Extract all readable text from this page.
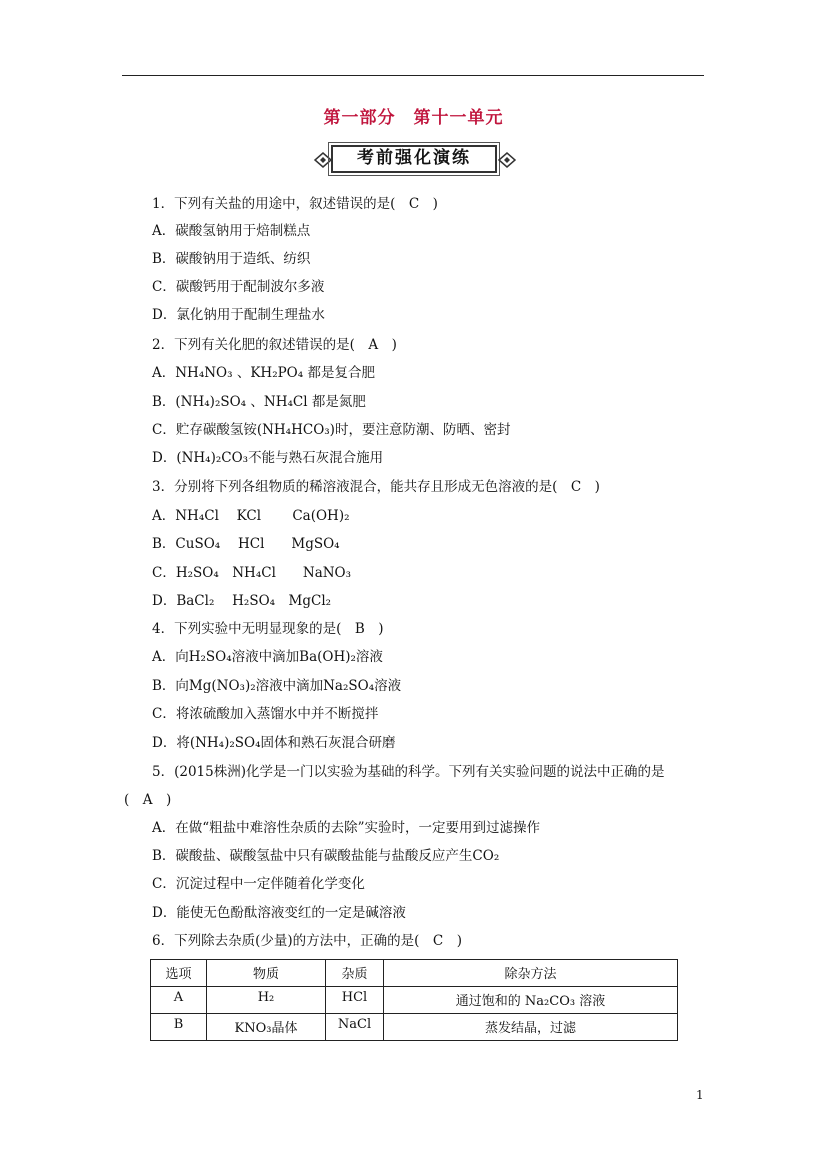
第一部分　第十一单元
考前强化演练
1．下列有关盐的用途中，叙述错误的是(　C　)
A．碳酸氢钠用于焙制糕点
B．碳酸钠用于造纸、纺织
C．碳酸钙用于配制波尔多液
D．氯化钠用于配制生理盐水
2．下列有关化肥的叙述错误的是(　A　)
A．NH₄NO₃ 、KH₂PO₄ 都是复合肥
B．(NH₄)₂SO₄ 、NH₄Cl 都是氮肥
C．贮存碳酸氢铵(NH₄HCO₃)时，要注意防潮、防晒、密封
D．(NH₄)₂CO₃不能与熟石灰混合施用
3．分别将下列各组物质的稀溶液混合，能共存且形成无色溶液的是(　C　)
A．NH₄Cl　 KCl　　 Ca(OH)₂
B．CuSO₄　 HCl　　MgSO₄
C．H₂SO₄　NH₄Cl　　NaNO₃
D．BaCl₂　 H₂SO₄　MgCl₂
4．下列实验中无明显现象的是(　B　)
A．向H₂SO₄溶液中滴加Ba(OH)₂溶液
B．向Mg(NO₃)₂溶液中滴加Na₂SO₄溶液
C．将浓硫酸加入蒸馏水中并不断搅拌
D．将(NH₄)₂SO₄固体和熟石灰混合研磨
5．(2015株洲)化学是一门以实验为基础的科学。下列有关实验问题的说法中正确的是
(　A　)
A．在做“粗盐中难溶性杂质的去除”实验时，一定要用到过滤操作
B．碳酸盐、碳酸氢盐中只有碳酸盐能与盐酸反应产生CO₂
C．沉淀过程中一定伴随着化学变化
D．能使无色酚酞溶液变红的一定是碱溶液
6．下列除去杂质(少量)的方法中，正确的是(　C　)
选项	物质	杂质	除杂方法
A	H₂	HCl	通过饱和的 Na₂CO₃ 溶液
B	KNO₃晶体	NaCl	蒸发结晶，过滤
1
